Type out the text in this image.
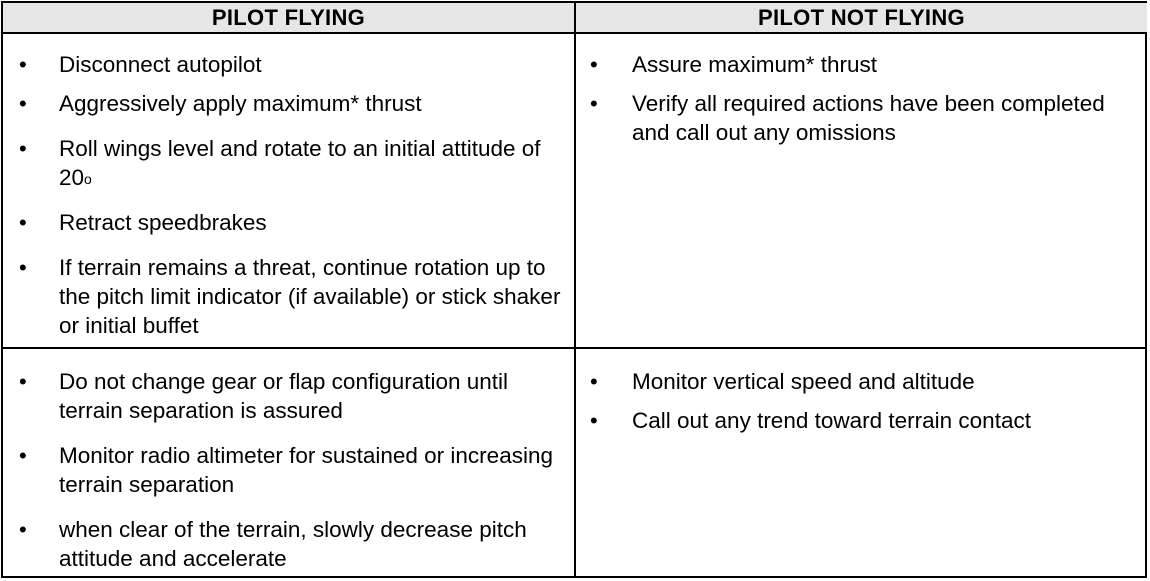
PILOT FLYING	PILOT NOT FLYING
• Disconnect autopilot
• Aggressively apply maximum* thrust
• Roll wings level and rotate to an initial attitude of 20$^o$
• Retract speedbrakes
• If terrain remains a threat, continue rotation up to the pitch limit indicator (if available) or stick shaker or initial buffet
• Assure maximum* thrust
• Verify all required actions have been completed and call out any omissions
• Do not change gear or flap configuration until terrain separation is assured
• Monitor radio altimeter for sustained or increasing terrain separation
• when clear of the terrain, slowly decrease pitch attitude and accelerate
• Monitor vertical speed and altitude
• Call out any trend toward terrain contact
